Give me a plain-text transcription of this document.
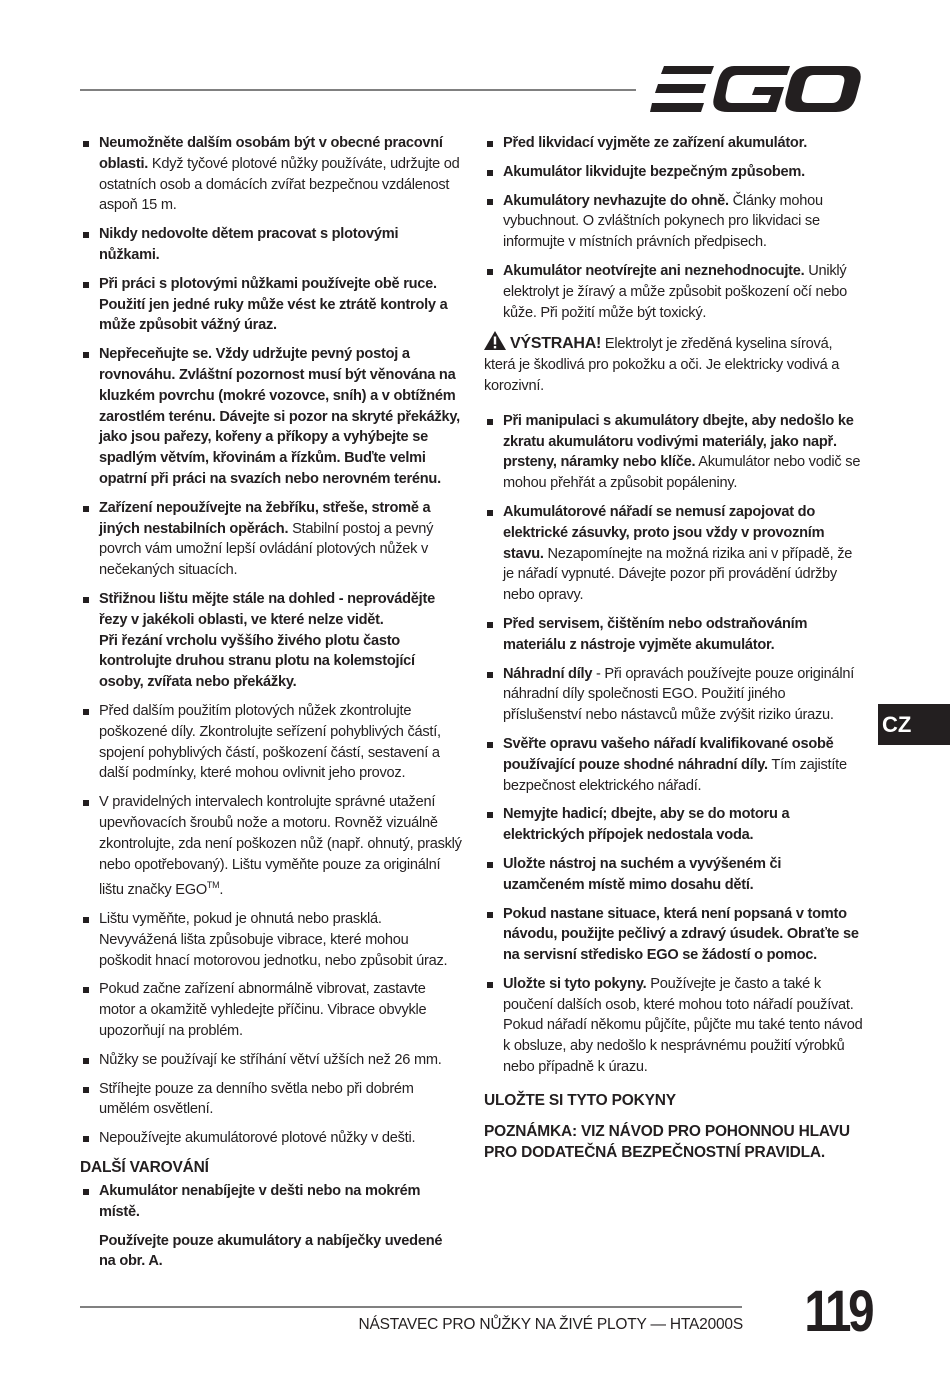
Neumožněte dalším osobám být v obecné pracovní oblasti. Když tyčové plotové nůžky používáte, udržujte od ostatních osob a domácích zvířat bezpečnou vzdálenost aspoň 15 m.
Nikdy nedovolte dětem pracovat s plotovými nůžkami.
Při práci s plotovými nůžkami používejte obě ruce. Použití jen jedné ruky může vést ke ztrátě kontroly a může způsobit vážný úraz.
Nepřeceňujte se. Vždy udržujte pevný postoj a rovnováhu. Zvláštní pozornost musí být věnována na kluzkém povrchu (mokré vozovce, sníh) a v obtížném zarostlém terénu. Dávejte si pozor na skryté překážky, jako jsou pařezy, kořeny a příkopy a vyhýbejte se spadlým větvím, křovinám a řízkům. Buďte velmi opatrní při práci na svazích nebo nerovném terénu.
Zařízení nepoužívejte na žebříku, střeše, stromě a jiných nestabilních opěrách. Stabilní postoj a pevný povrch vám umožní lepší ovládání plotových nůžek v nečekaných situacích.
Střižnou lištu mějte stále na dohled - neprovádějte řezy v jakékoli oblasti, ve které nelze vidět.
Při řezání vrcholu vyššího živého plotu často kontrolujte druhou stranu plotu na kolemstojící osoby, zvířata nebo překážky.
Před dalším použitím plotových nůžek zkontrolujte poškozené díly. Zkontrolujte seřízení pohyblivých částí, spojení pohyblivých částí, poškození částí, sestavení a další podmínky, které mohou ovlivnit jeho provoz.
V pravidelných intervalech kontrolujte správné utažení upevňovacích šroubů nože a motoru. Rovněž vizuálně zkontrolujte, zda není poškozen nůž (např. ohnutý, prasklý nebo opotřebovaný). Lištu vyměňte pouze za originální lištu značky EGO™.
Lištu vyměňte, pokud je ohnutá nebo prasklá. Nevyvážená lišta způsobuje vibrace, které mohou poškodit hnací motorovou jednotku, nebo způsobit úraz.
Pokud začne zařízení abnormálně vibrovat, zastavte motor a okamžitě vyhledejte příčinu. Vibrace obvykle upozorňují na problém.
Nůžky se používají ke stříhání větví užších než 26 mm.
Stříhejte pouze za denního světla nebo při dobrém umělém osvětlení.
Nepoužívejte akumulátorové plotové nůžky v dešti.
DALŠÍ VAROVÁNÍ
Akumulátor nenabíjejte v dešti nebo na mokrém místě.
Používejte pouze akumulátory a nabíječky uvedené na obr. A.
Před likvidací vyjměte ze zařízení akumulátor.
Akumulátor likvidujte bezpečným způsobem.
Akumulátory nevhazujte do ohně. Články mohou vybuchnout. O zvláštních pokynech pro likvidaci se informujte v místních právních předpisech.
Akumulátor neotvírejte ani neznehodnocujte. Uniklý elektrolyt je žíravý a může způsobit poškození očí nebo kůže. Při požití může být toxický.

VÝSTRAHA! Elektrolyt je zředěná kyselina sírová, která je škodlivá pro pokožku a oči. Je elektricky vodivá a korozivní.

Při manipulaci s akumulátory dbejte, aby nedošlo ke zkratu akumulátoru vodivými materiály, jako např. prsteny, náramky nebo klíče. Akumulátor nebo vodič se mohou přehřát a způsobit popáleniny.
Akumulátorové nářadí se nemusí zapojovat do elektrické zásuvky, proto jsou vždy v provozním stavu. Nezapomínejte na možná rizika ani v případě, že je nářadí vypnuté. Dávejte pozor při provádění údržby nebo opravy.
Před servisem, čištěním nebo odstraňováním materiálu z nástroje vyjměte akumulátor.
Náhradní díly - Při opravách používejte pouze originální náhradní díly společnosti EGO. Použití jiného příslušenství nebo nástavců může zvýšit riziko úrazu.
Svěřte opravu vašeho nářadí kvalifikované osobě používající pouze shodné náhradní díly. Tím zajistíte bezpečnost elektrického nářadí.
Nemyjte hadicí; dbejte, aby se do motoru a elektrických přípojek nedostala voda.
Uložte nástroj na suchém a vyvýšeném či uzamčeném místě mimo dosahu dětí.
Pokud nastane situace, která není popsaná v tomto návodu, použijte pečlivý a zdravý úsudek. Obraťte se na servisní středisko EGO se žádostí o pomoc.
Uložte si tyto pokyny. Používejte je často a také k poučení dalších osob, které mohou toto nářadí používat. Pokud nářadí někomu půjčíte, půjčte mu také tento návod k obsluze, aby nedošlo k nesprávnému použití výrobků nebo případně k úrazu.

ULOŽTE SI TYTO POKYNY

POZNÁMKA: VIZ NÁVOD PRO POHONNOU HLAVU PRO DODATEČNÁ BEZPEČNOSTNÍ PRAVIDLA.

CZ
NÁSTAVEC PRO NŮŽKY NA ŽIVÉ PLOTY — HTA2000S 119
